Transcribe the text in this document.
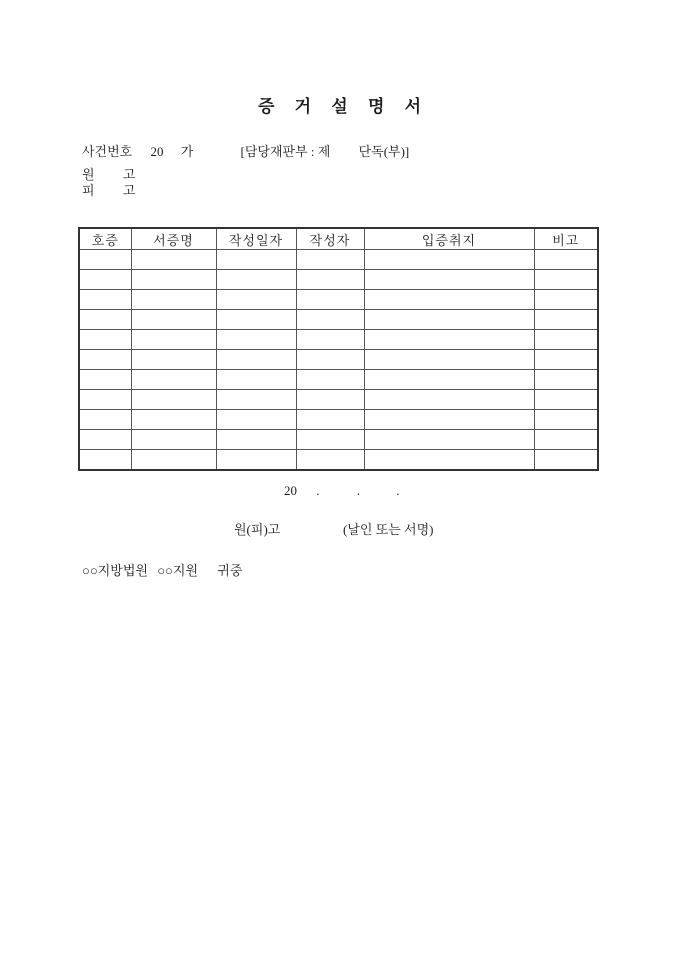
증 거 설 명 서
사건번호 20 가	[담당재판부 : 제 단독(부)]
원 고
피 고
호증	서증명	작성일자	작성자	입증취지	비고

20 .	.	.
원(피)고	(날인 또는 서명)
○○지방법원 ○○지원 귀중
